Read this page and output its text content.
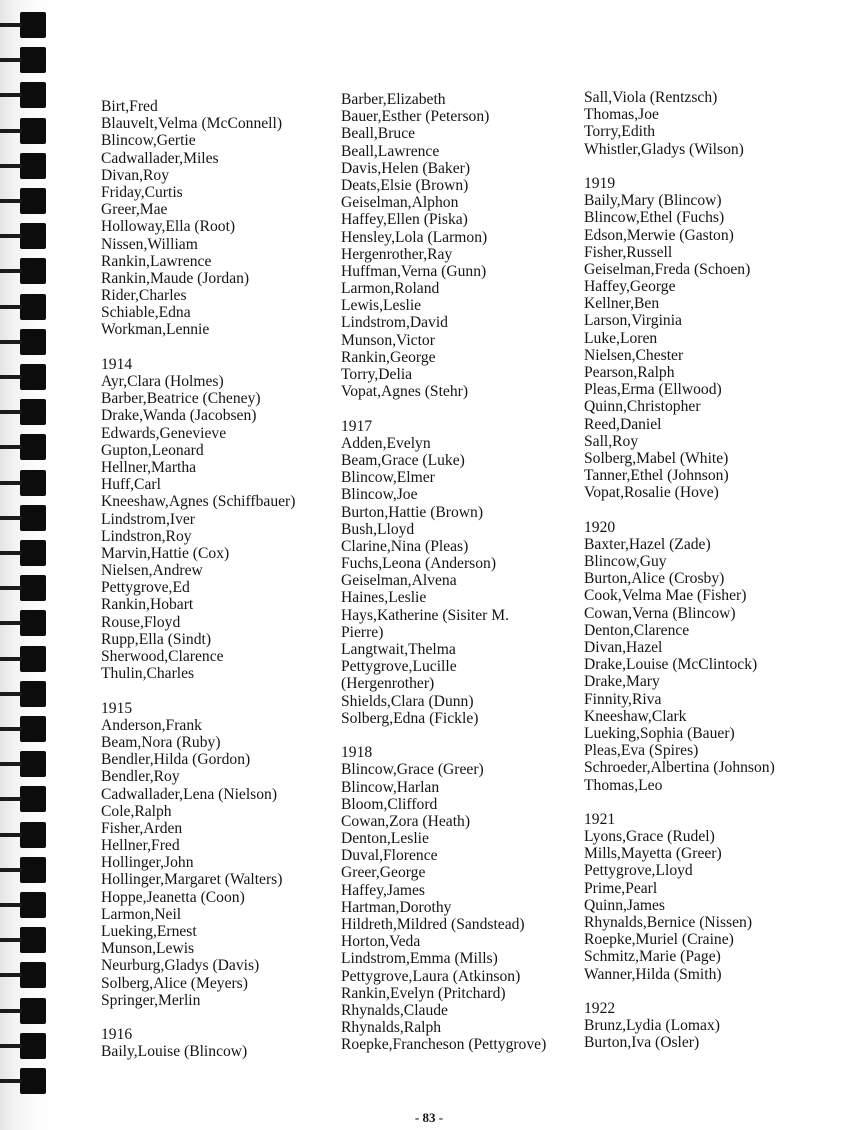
Birt,Fred
Blauvelt,Velma (McConnell)
Blincow,Gertie
Cadwallader,Miles
Divan,Roy
Friday,Curtis
Greer,Mae
Holloway,Ella (Root)
Nissen,William
Rankin,Lawrence
Rankin,Maude (Jordan)
Rider,Charles
Schiable,Edna
Workman,Lennie
1914
Ayr,Clara (Holmes)
Barber,Beatrice (Cheney)
Drake,Wanda (Jacobsen)
Edwards,Genevieve
Gupton,Leonard
Hellner,Martha
Huff,Carl
Kneeshaw,Agnes (Schiffbauer)
Lindstrom,Iver
Lindstron,Roy
Marvin,Hattie (Cox)
Nielsen,Andrew
Pettygrove,Ed
Rankin,Hobart
Rouse,Floyd
Rupp,Ella (Sindt)
Sherwood,Clarence
Thulin,Charles
1915
Anderson,Frank
Beam,Nora (Ruby)
Bendler,Hilda (Gordon)
Bendler,Roy
Cadwallader,Lena (Nielson)
Cole,Ralph
Fisher,Arden
Hellner,Fred
Hollinger,John
Hollinger,Margaret (Walters)
Hoppe,Jeanetta (Coon)
Larmon,Neil
Lueking,Ernest
Munson,Lewis
Neurburg,Gladys (Davis)
Solberg,Alice (Meyers)
Springer,Merlin
1916
Baily,Louise (Blincow)
Barber,Elizabeth
Bauer,Esther (Peterson)
Beall,Bruce
Beall,Lawrence
Davis,Helen (Baker)
Deats,Elsie (Brown)
Geiselman,Alphon
Haffey,Ellen (Piska)
Hensley,Lola (Larmon)
Hergenrother,Ray
Huffman,Verna (Gunn)
Larmon,Roland
Lewis,Leslie
Lindstrom,David
Munson,Victor
Rankin,George
Torry,Delia
Vopat,Agnes (Stehr)
1917
Adden,Evelyn
Beam,Grace (Luke)
Blincow,Elmer
Blincow,Joe
Burton,Hattie (Brown)
Bush,Lloyd
Clarine,Nina (Pleas)
Fuchs,Leona (Anderson)
Geiselman,Alvena
Haines,Leslie
Hays,Katherine (Sisiter M.
Pierre)
Langtwait,Thelma
Pettygrove,Lucille
(Hergenrother)
Shields,Clara (Dunn)
Solberg,Edna (Fickle)
1918
Blincow,Grace (Greer)
Blincow,Harlan
Bloom,Clifford
Cowan,Zora (Heath)
Denton,Leslie
Duval,Florence
Greer,George
Haffey,James
Hartman,Dorothy
Hildreth,Mildred (Sandstead)
Horton,Veda
Lindstrom,Emma (Mills)
Pettygrove,Laura (Atkinson)
Rankin,Evelyn (Pritchard)
Rhynalds,Claude
Rhynalds,Ralph
Roepke,Francheson (Pettygrove)
Sall,Viola (Rentzsch)
Thomas,Joe
Torry,Edith
Whistler,Gladys (Wilson)
1919
Baily,Mary (Blincow)
Blincow,Ethel (Fuchs)
Edson,Merwie (Gaston)
Fisher,Russell
Geiselman,Freda (Schoen)
Haffey,George
Kellner,Ben
Larson,Virginia
Luke,Loren
Nielsen,Chester
Pearson,Ralph
Pleas,Erma (Ellwood)
Quinn,Christopher
Reed,Daniel
Sall,Roy
Solberg,Mabel (White)
Tanner,Ethel (Johnson)
Vopat,Rosalie (Hove)
1920
Baxter,Hazel (Zade)
Blincow,Guy
Burton,Alice (Crosby)
Cook,Velma Mae (Fisher)
Cowan,Verna (Blincow)
Denton,Clarence
Divan,Hazel
Drake,Louise (McClintock)
Drake,Mary
Finnity,Riva
Kneeshaw,Clark
Lueking,Sophia (Bauer)
Pleas,Eva (Spires)
Schroeder,Albertina (Johnson)
Thomas,Leo
1921
Lyons,Grace (Rudel)
Mills,Mayetta (Greer)
Pettygrove,Lloyd
Prime,Pearl
Quinn,James
Rhynalds,Bernice (Nissen)
Roepke,Muriel (Craine)
Schmitz,Marie (Page)
Wanner,Hilda (Smith)
1922
Brunz,Lydia (Lomax)
Burton,Iva (Osler)
- 83 -
